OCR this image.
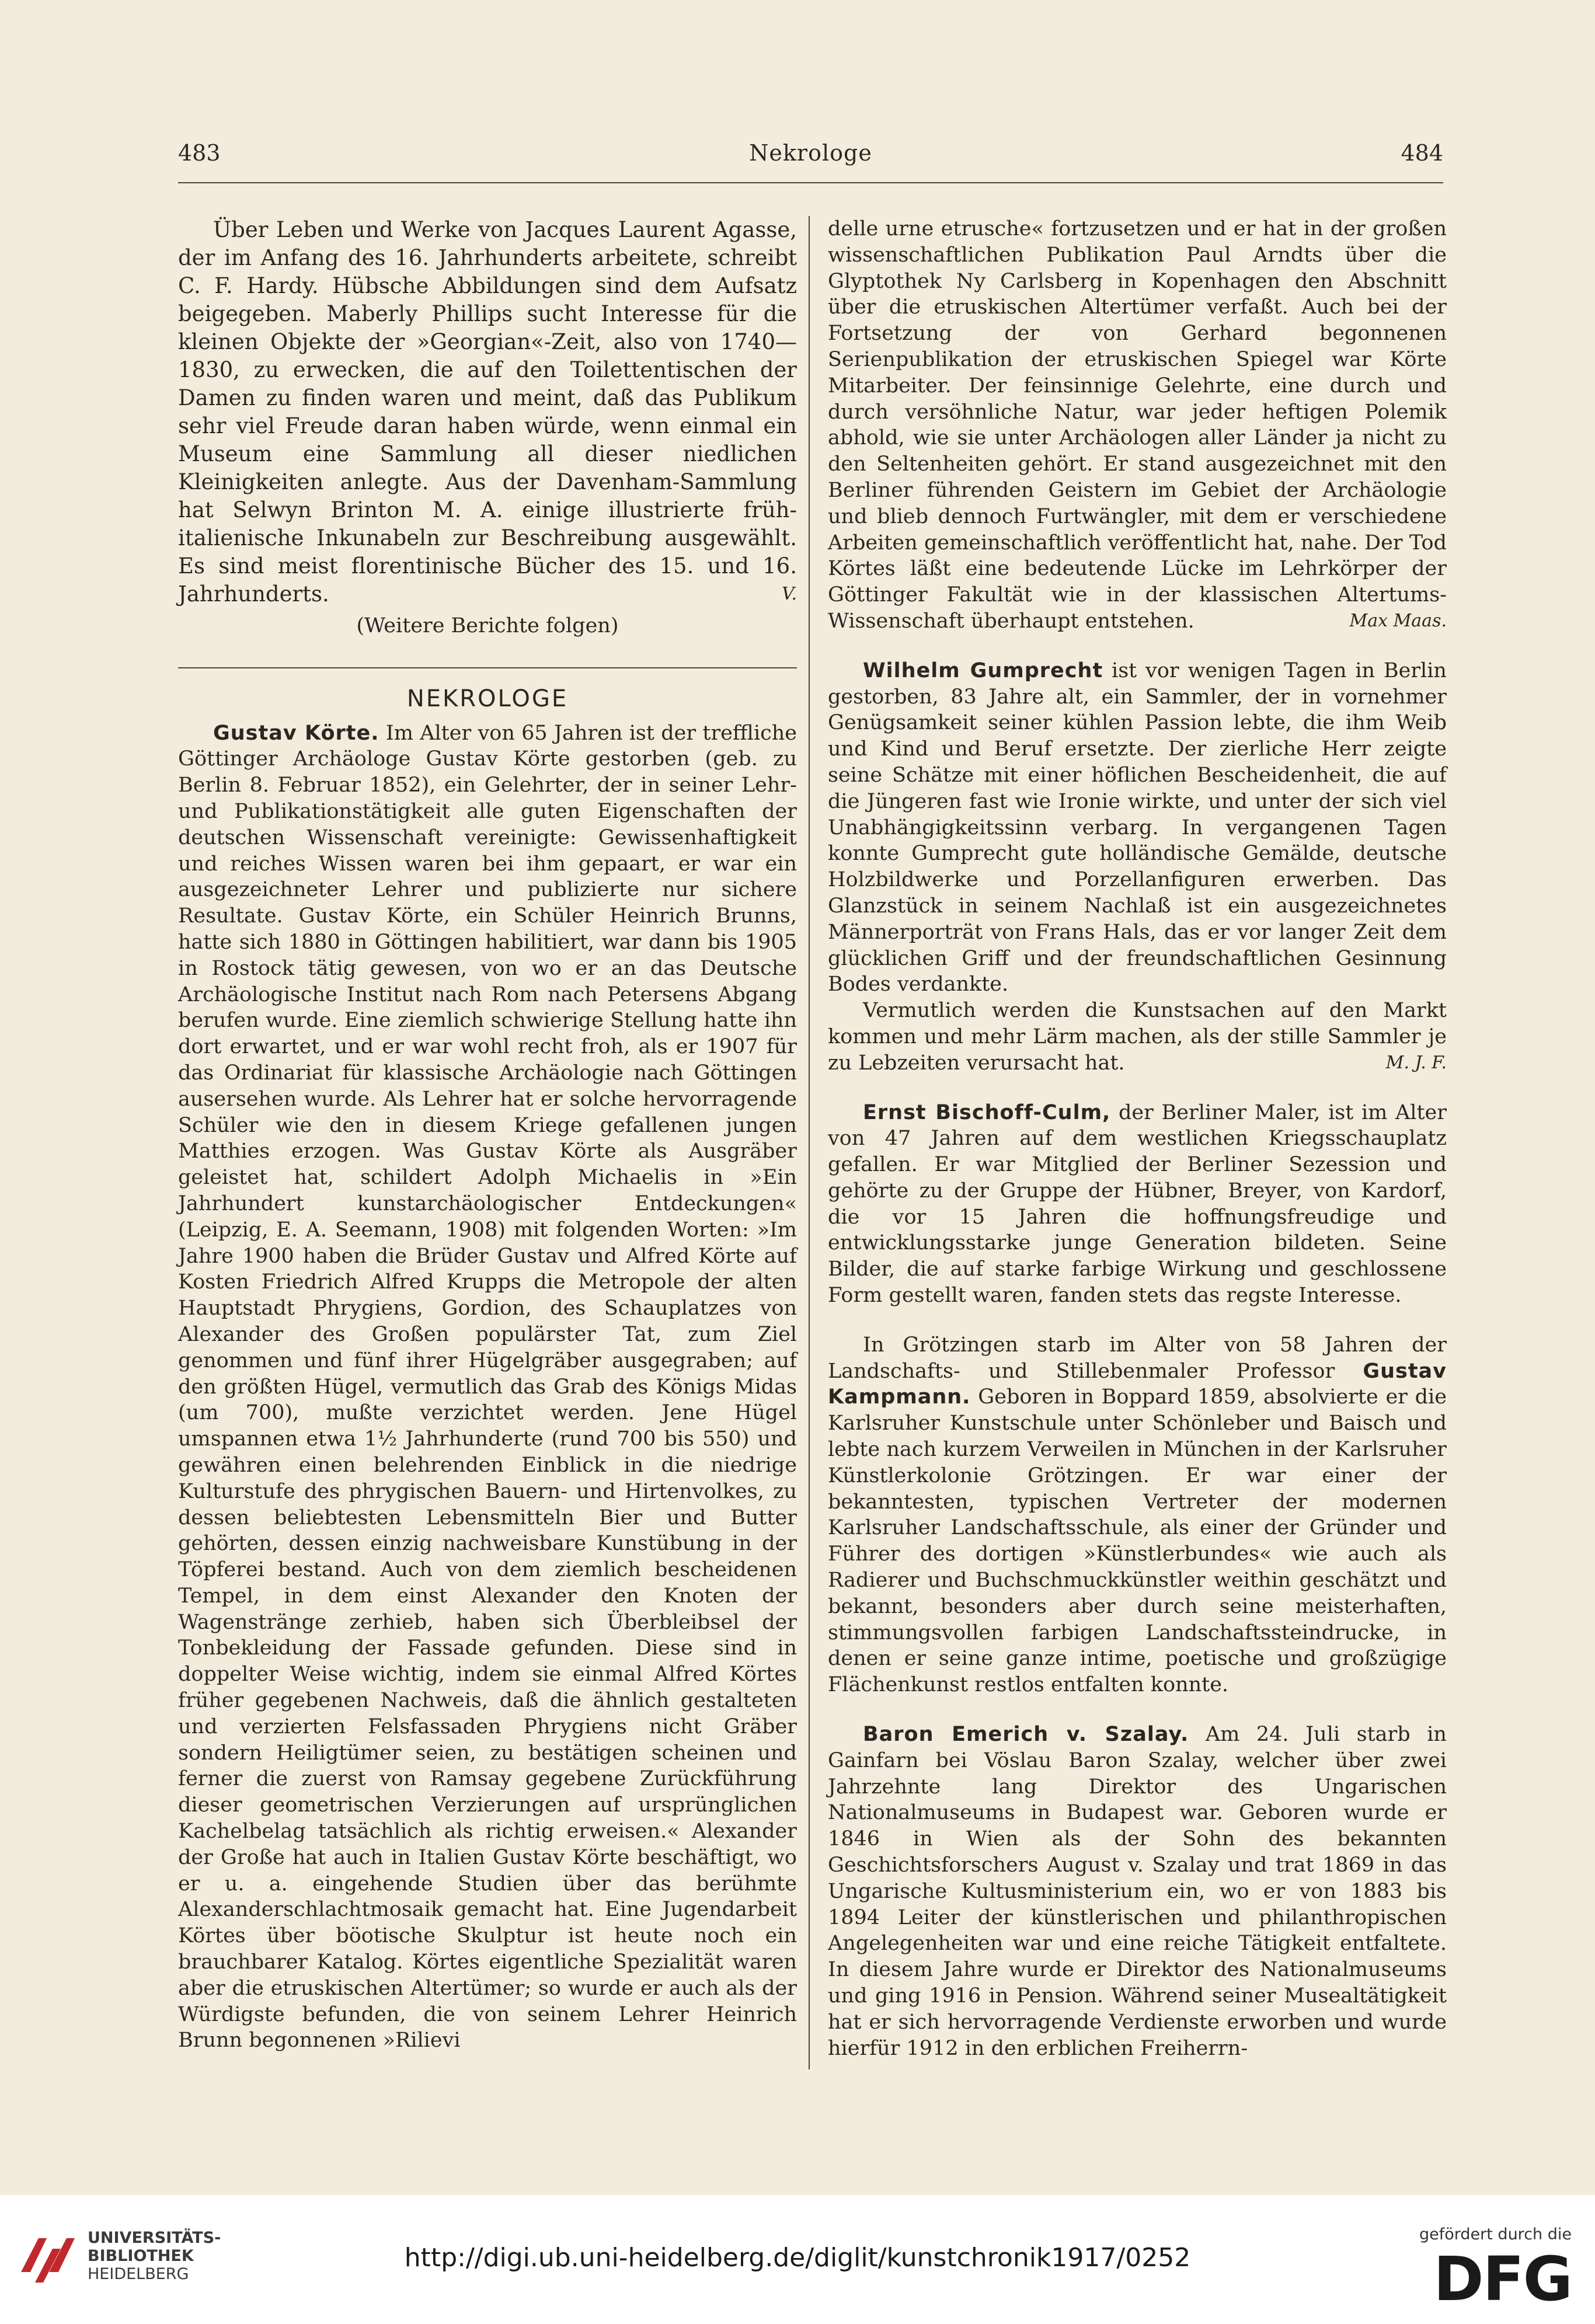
483	Nekrologe	484

Über Leben und Werke von Jacques Laurent Agasse, der im Anfang des 16. Jahrhunderts arbeitete, schreibt C. F. Hardy. Hübsche Abbildungen sind dem Aufsatz beigegeben. Maberly Phillips sucht Interesse für die kleinen Objekte der »Georgian«-Zeit, also von 1740—1830, zu erwecken, die auf den Toilettentischen der Damen zu finden waren und meint, daß das Publikum sehr viel Freude daran haben würde, wenn einmal ein Museum eine Sammlung all dieser niedlichen Kleinigkeiten anlegte. Aus der Davenham-Sammlung hat Selwyn Brinton M. A. einige illustrierte früh-italienische Inkunabeln zur Beschreibung ausgewählt. Es sind meist florentinische Bücher des 15. und 16. Jahrhunderts.	V.

(Weitere Berichte folgen)
NEKROLOGE

Gustav Körte. Im Alter von 65 Jahren ist der treffliche Göttinger Archäologe Gustav Körte gestorben (geb. zu Berlin 8. Februar 1852), ein Gelehrter, der in seiner Lehr- und Publikationstätigkeit alle guten Eigenschaften der deutschen Wissenschaft vereinigte: Gewissenhaftigkeit und reiches Wissen waren bei ihm gepaart, er war ein ausgezeichneter Lehrer und publizierte nur sichere Resultate. Gustav Körte, ein Schüler Heinrich Brunns, hatte sich 1880 in Göttingen habilitiert, war dann bis 1905 in Rostock tätig gewesen, von wo er an das Deutsche Archäologische Institut nach Rom nach Petersens Abgang berufen wurde. Eine ziemlich schwierige Stellung hatte ihn dort erwartet, und er war wohl recht froh, als er 1907 für das Ordinariat für klassische Archäologie nach Göttingen ausersehen wurde. Als Lehrer hat er solche hervorragende Schüler wie den in diesem Kriege gefallenen jungen Matthies erzogen. Was Gustav Körte als Ausgräber geleistet hat, schildert Adolph Michaelis in »Ein Jahrhundert kunstarchäologischer Entdeckungen« (Leipzig, E. A. Seemann, 1908) mit folgenden Worten: »Im Jahre 1900 haben die Brüder Gustav und Alfred Körte auf Kosten Friedrich Alfred Krupps die Metropole der alten Hauptstadt Phrygiens, Gordion, des Schauplatzes von Alexander des Großen populärster Tat, zum Ziel genommen und fünf ihrer Hügelgräber ausgegraben; auf den größten Hügel, vermutlich das Grab des Königs Midas (um 700), mußte verzichtet werden. Jene Hügel umspannen etwa 1½ Jahrhunderte (rund 700 bis 550) und gewähren einen belehrenden Einblick in die niedrige Kulturstufe des phrygischen Bauern- und Hirtenvolkes, zu dessen beliebtesten Lebensmitteln Bier und Butter gehörten, dessen einzig nachweisbare Kunstübung in der Töpferei bestand. Auch von dem ziemlich bescheidenen Tempel, in dem einst Alexander den Knoten der Wagenstränge zerhieb, haben sich Überbleibsel der Tonbekleidung der Fassade gefunden. Diese sind in doppelter Weise wichtig, indem sie einmal Alfred Körtes früher gegebenen Nachweis, daß die ähnlich gestalteten und verzierten Felsfassaden Phrygiens nicht Gräber sondern Heiligtümer seien, zu bestätigen scheinen und ferner die zuerst von Ramsay gegebene Zurückführung dieser geometrischen Verzierungen auf ursprünglichen Kachelbelag tatsächlich als richtig erweisen.« Alexander der Große hat auch in Italien Gustav Körte beschäftigt, wo er u. a. eingehende Studien über das berühmte Alexanderschlachtmosaik gemacht hat. Eine Jugendarbeit Körtes über böotische Skulptur ist heute noch ein brauchbarer Katalog. Körtes eigentliche Spezialität waren aber die etruskischen Altertümer; so wurde er auch als der Würdigste befunden, die von seinem Lehrer Heinrich Brunn begonnenen »Rilievi

delle urne etrusche« fortzusetzen und er hat in der großen wissenschaftlichen Publikation Paul Arndts über die Glyptothek Ny Carlsberg in Kopenhagen den Abschnitt über die etruskischen Altertümer verfaßt. Auch bei der Fortsetzung der von Gerhard begonnenen Serienpublikation der etruskischen Spiegel war Körte Mitarbeiter. Der feinsinnige Gelehrte, eine durch und durch versöhnliche Natur, war jeder heftigen Polemik abhold, wie sie unter Archäologen aller Länder ja nicht zu den Seltenheiten gehört. Er stand ausgezeichnet mit den Berliner führenden Geistern im Gebiet der Archäologie und blieb dennoch Furtwängler, mit dem er verschiedene Arbeiten gemeinschaftlich veröffentlicht hat, nahe. Der Tod Körtes läßt eine bedeutende Lücke im Lehrkörper der Göttinger Fakultät wie in der klassischen Altertums-Wissenschaft überhaupt entstehen.	Max Maas.

Wilhelm Gumprecht ist vor wenigen Tagen in Berlin gestorben, 83 Jahre alt, ein Sammler, der in vornehmer Genügsamkeit seiner kühlen Passion lebte, die ihm Weib und Kind und Beruf ersetzte. Der zierliche Herr zeigte seine Schätze mit einer höflichen Bescheidenheit, die auf die Jüngeren fast wie Ironie wirkte, und unter der sich viel Unabhängigkeitssinn verbarg. In vergangenen Tagen konnte Gumprecht gute holländische Gemälde, deutsche Holzbildwerke und Porzellanfiguren erwerben. Das Glanzstück in seinem Nachlaß ist ein ausgezeichnetes Männerporträt von Frans Hals, das er vor langer Zeit dem glücklichen Griff und der freundschaftlichen Gesinnung Bodes verdankte.

Vermutlich werden die Kunstsachen auf den Markt kommen und mehr Lärm machen, als der stille Sammler je zu Lebzeiten verursacht hat.	M. J. F.

Ernst Bischoff-Culm, der Berliner Maler, ist im Alter von 47 Jahren auf dem westlichen Kriegsschauplatz gefallen. Er war Mitglied der Berliner Sezession und gehörte zu der Gruppe der Hübner, Breyer, von Kardorf, die vor 15 Jahren die hoffnungsfreudige und entwicklungsstarke junge Generation bildeten. Seine Bilder, die auf starke farbige Wirkung und geschlossene Form gestellt waren, fanden stets das regste Interesse.

In Grötzingen starb im Alter von 58 Jahren der Landschafts- und Stillebenmaler Professor Gustav Kampmann. Geboren in Boppard 1859, absolvierte er die Karlsruher Kunstschule unter Schönleber und Baisch und lebte nach kurzem Verweilen in München in der Karlsruher Künstlerkolonie Grötzingen. Er war einer der bekanntesten, typischen Vertreter der modernen Karlsruher Landschaftsschule, als einer der Gründer und Führer des dortigen »Künstlerbundes« wie auch als Radierer und Buchschmuckkünstler weithin geschätzt und bekannt, besonders aber durch seine meisterhaften, stimmungsvollen farbigen Landschaftssteindrucke, in denen er seine ganze intime, poetische und großzügige Flächenkunst restlos entfalten konnte.

Baron Emerich v. Szalay. Am 24. Juli starb in Gainfarn bei Vöslau Baron Szalay, welcher über zwei Jahrzehnte lang Direktor des Ungarischen Nationalmuseums in Budapest war. Geboren wurde er 1846 in Wien als der Sohn des bekannten Geschichtsforschers August v. Szalay und trat 1869 in das Ungarische Kultusministerium ein, wo er von 1883 bis 1894 Leiter der künstlerischen und philanthropischen Angelegenheiten war und eine reiche Tätigkeit entfaltete. In diesem Jahre wurde er Direktor des Nationalmuseums und ging 1916 in Pension. Während seiner Musealtätigkeit hat er sich hervorragende Verdienste erworben und wurde hierfür 1912 in den erblichen Freiherrn-

UNIVERSITÄTS-
BIBLIOTHEK
HEIDELBERG
http://digi.ub.uni-heidelberg.de/diglit/kunstchronik1917/0252
gefördert durch die
DFG
